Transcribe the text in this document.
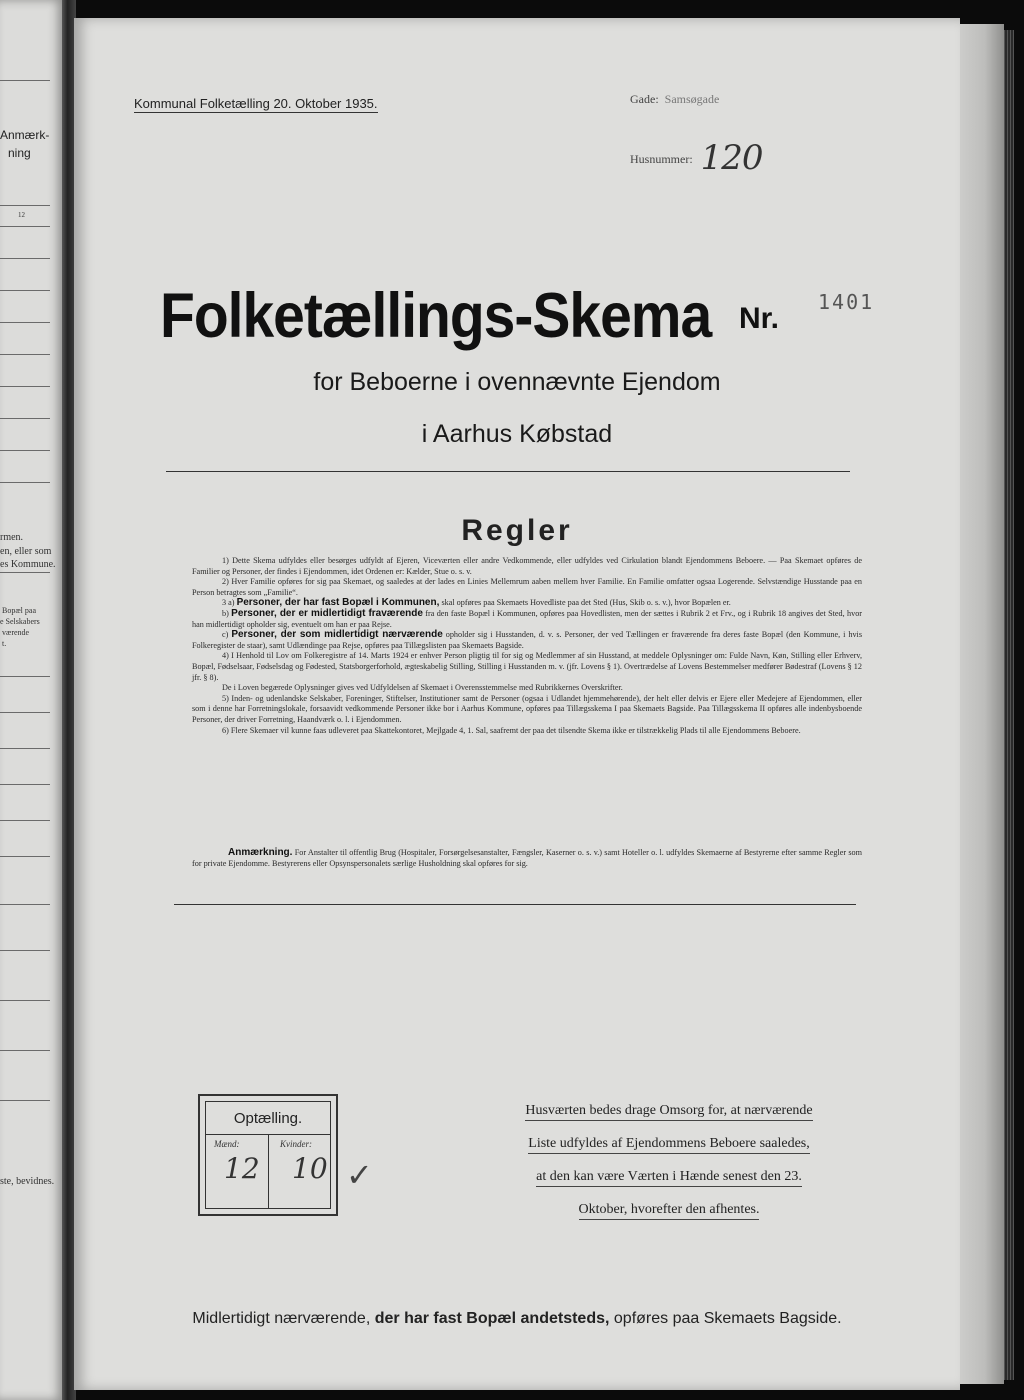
Anmærk-
ning
12
rmen.
en, eller som
es Kommune.
Bopæl paa
e Selskabers
værende
t.
ste, bevidnes.
Kommunal Folketælling 20. Oktober 1935.	Gade: Samsøgade
Husnummer: 120
Folketællings-Skema Nr. 1401
for Beboerne i ovennævnte Ejendom
i Aarhus Købstad
Regler

1) Dette Skema udfyldes eller besørges udfyldt af Ejeren, Viceværten eller andre Vedkommende, eller udfyldes ved Cirkulation blandt Ejendommens Beboere. — Paa Skemaet opføres de Familier og Personer, der findes i Ejendommen, idet Ordenen er: Kælder, Stue o. s. v.

2) Hver Familie opføres for sig paa Skemaet, og saaledes at der lades en Linies Mellemrum aaben mellem hver Familie. En Familie omfatter ogsaa Logerende. Selvstændige Husstande paa en Person betragtes som „Familie“.

3 a) Personer, der har fast Bopæl i Kommunen, skal opføres paa Skemaets Hovedliste paa det Sted (Hus, Skib o. s. v.), hvor Bopælen er.

b) Personer, der er midlertidigt fraværende fra den faste Bopæl i Kommunen, opføres paa Hovedlisten, men der sættes i Rubrik 2 et Frv., og i Rubrik 18 angives det Sted, hvor han midlertidigt opholder sig, eventuelt om han er paa Rejse.

c) Personer, der som midlertidigt nærværende opholder sig i Husstanden, d. v. s. Personer, der ved Tællingen er fraværende fra deres faste Bopæl (den Kommune, i hvis Folkeregister de staar), samt Udlændinge paa Rejse, opføres paa Tillægslisten paa Skemaets Bagside.

4) I Henhold til Lov om Folkeregistre af 14. Marts 1924 er enhver Person pligtig til for sig og Medlemmer af sin Husstand, at meddele Oplysninger om: Fulde Navn, Køn, Stilling eller Erhverv, Bopæl, Fødselsaar, Fødselsdag og Fødested, Statsborgerforhold, ægteskabelig Stilling, Stilling i Husstanden m. v. (jfr. Lovens § 1). Overtrædelse af Lovens Bestemmelser medfører Bødestraf (Lovens § 12 jfr. § 8).

De i Loven begærede Oplysninger gives ved Udfyldelsen af Skemaet i Overensstemmelse med Rubrikkernes Overskrifter.

5) Inden- og udenlandske Selskaber, Foreninger, Stiftelser, Institutioner samt de Personer (ogsaa i Udlandet hjemmehørende), der helt eller delvis er Ejere eller Medejere af Ejendommen, eller som i denne har Forretningslokale, forsaavidt vedkommende Personer ikke bor i Aarhus Kommune, opføres paa Tillægsskema I paa Skemaets Bagside. Paa Tillægsskema II opføres alle indenbysboende Personer, der driver Forretning, Haandværk o. l. i Ejendommen.

6) Flere Skemaer vil kunne faas udleveret paa Skattekontoret, Mejlgade 4, 1. Sal, saafremt der paa det tilsendte Skema ikke er tilstrækkelig Plads til alle Ejendommens Beboere.

Anmærkning. For Anstalter til offentlig Brug (Hospitaler, Forsørgelsesanstalter, Fængsler, Kaserner o. s. v.) samt Hoteller o. l. udfyldes Skemaerne af Bestyrerne efter samme Regler som for private Ejendomme. Bestyrerens eller Opsynspersonalets særlige Husholdning skal opføres for sig.

Optælling.
Mænd:	Kvinder:
12 10 ✓
Husværten bedes drage Omsorg for, at nærværende
Liste udfyldes af Ejendommens Beboere saaledes,
at den kan være Værten i Hænde senest den 23.
Oktober, hvorefter den afhentes.
Midlertidigt nærværende, der har fast Bopæl andetsteds, opføres paa Skemaets Bagside.
